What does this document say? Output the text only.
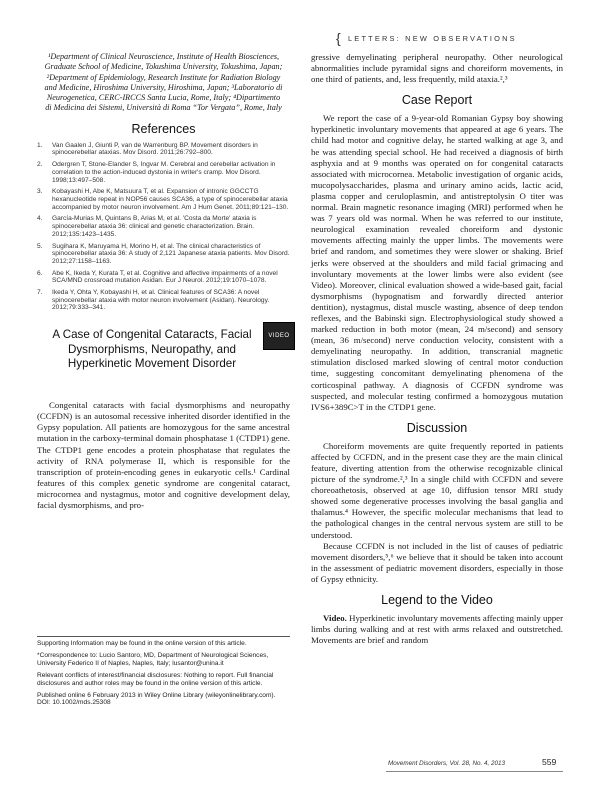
{ LETTERS: NEW OBSERVATIONS

¹Department of Clinical Neuroscience, Institute of Health Biosciences, Graduate School of Medicine, Tokushima University, Tokushima, Japan;

²Department of Epidemiology, Research Institute for Radiation Biology and Medicine, Hiroshima University, Hiroshima, Japan; ³Laboratorio di Neurogenetica, CERC-IRCCS Santa Lucia, Rome, Italy; ⁴Dipartimento di Medicina dei Sistemi, Università di Roma “Tor Vergata”, Rome, Italy

References
1. Van Gaalen J, Giunti P, van de Warrenburg BP. Movement disorders in spinocerebellar ataxias. Mov Disord. 2011;26:792–800.
2. Odergren T, Stone-Elander S, Ingvar M. Cerebral and cerebellar activation in correlation to the action-induced dystonia in writer's cramp. Mov Disord. 1998;13:497–508.
3. Kobayashi H, Abe K, Matsuura T, et al. Expansion of intronic GGCCTG hexanucleotide repeat in NOP56 causes SCA36, a type of spinocerebellar ataxia accompanied by motor neuron involvement. Am J Hum Genet. 2011;89:121–130.
4. García-Murias M, Quintans B, Arias M, et al. 'Costa da Morte' ataxia is spinocerebellar ataxia 36: clinical and genetic characterization. Brain. 2012;135:1423–1435.
5. Sugihara K, Maruyama H, Morino H, et al. The clinical characteristics of spinocerebellar ataxia 36: A study of 2,121 Japanese ataxia patients. Mov Disord. 2012;27:1158–1163.
6. Abe K, Ikeda Y, Kurata T, et al. Cognitive and affective impairments of a novel SCA/MND crossroad mutation Asidan. Eur J Neurol. 2012;19:1070–1078.
7. Ikeda Y, Ohta Y, Kobayashi H, et al. Clinical features of SCA36: A novel spinocerebellar ataxia with motor neuron involvement (Asidan). Neurology. 2012;79:333–341.
A Case of Congenital Cataracts, Facial Dysmorphisms, Neuropathy, and Hyperkinetic Movement Disorder
VIDEO

Congenital cataracts with facial dysmorphisms and neuropathy (CCFDN) is an autosomal recessive inherited disorder identified in the Gypsy population. All patients are homozygous for the same ancestral mutation in the carboxy-terminal domain phosphatase 1 (CTDP1) gene. The CTDP1 gene encodes a protein phosphatase that regulates the activity of RNA polymerase II, which is responsible for the transcription of protein-encoding genes in eukaryotic cells.¹ Cardinal features of this complex genetic syndrome are congenital cataract, microcornea and nystagmus, motor and cognitive development delay, facial dysmorphisms, and pro-

Supporting Information may be found in the online version of this article.

*Correspondence to: Lucio Santoro, MD, Department of Neurological Sciences, University Federico II of Naples, Naples, Italy; lusantor@unina.it

Relevant conflicts of interest/financial disclosures: Nothing to report. Full financial disclosures and author roles may be found in the online version of this article.

Published online 6 February 2013 in Wiley Online Library (wileyonlinelibrary.com). DOI: 10.1002/mds.25308

gressive demyelinating peripheral neuropathy. Other neurological abnormalities include pyramidal signs and choreiform movements, in one third of patients, and, less frequently, mild ataxia.²,³

Case Report

We report the case of a 9-year-old Romanian Gypsy boy showing hyperkinetic involuntary movements that appeared at age 6 years. The child had motor and cognitive delay, he started walking at age 3, and he was attending special school. He had received a diagnosis of birth asphyxia and at 9 months was operated on for congenital cataracts associated with microcornea. Metabolic investigation of organic acids, mucopolysaccharides, plasma and urinary amino acids, lactic acid, plasma copper and ceruloplasmin, and antistreptolysin O titer was normal. Brain magnetic resonance imaging (MRI) performed when he was 7 years old was normal. When he was referred to our institute, neurological examination revealed choreiform and dystonic movements affecting mainly the upper limbs. The movements were brief and random, and sometimes they were slower or shaking. Brief jerks were observed at the shoulders and mild facial grimacing and involuntary movements at the lower limbs were also evident (see Video). Moreover, clinical evaluation showed a wide-based gait, facial dysmorphisms (hypognatism and forwardly directed anterior dentition), nystagmus, distal muscle wasting, absence of deep tendon reflexes, and the Babinski sign. Electrophysiological study showed a marked reduction in both motor (mean, 24 m/second) and sensory (mean, 36 m/second) nerve conduction velocity, consistent with a demyelinating neuropathy. In addition, transcranial magnetic stimulation disclosed marked slowing of central motor conduction time, suggesting concomitant demyelinating phenomena of the corticospinal pathway. A diagnosis of CCFDN syndrome was suspected, and molecular testing confirmed a homozygous mutation IVS6+389C>T in the CTDP1 gene.

Discussion

Choreiform movements are quite frequently reported in patients affected by CCFDN, and in the present case they are the main clinical feature, diverting attention from the otherwise recognizable clinical picture of the syndrome.²,³ In a single child with CCFDN and severe choreoathetosis, observed at age 10, diffusion tensor MRI study showed some degenerative processes involving the basal ganglia and thalamus.⁴ However, the specific molecular mechanisms that lead to the pathological changes in the central nervous system are still to be understood.

Because CCFDN is not included in the list of causes of pediatric movement disorders,⁵,⁶ we believe that it should be taken into account in the assessment of pediatric movement disorders, especially in those of Gypsy ethnicity.

Legend to the Video

Video. Hyperkinetic involuntary movements affecting mainly upper limbs during walking and at rest with arms relaxed and outstretched. Movements are brief and random

Movement Disorders, Vol. 28, No. 4, 2013	559
